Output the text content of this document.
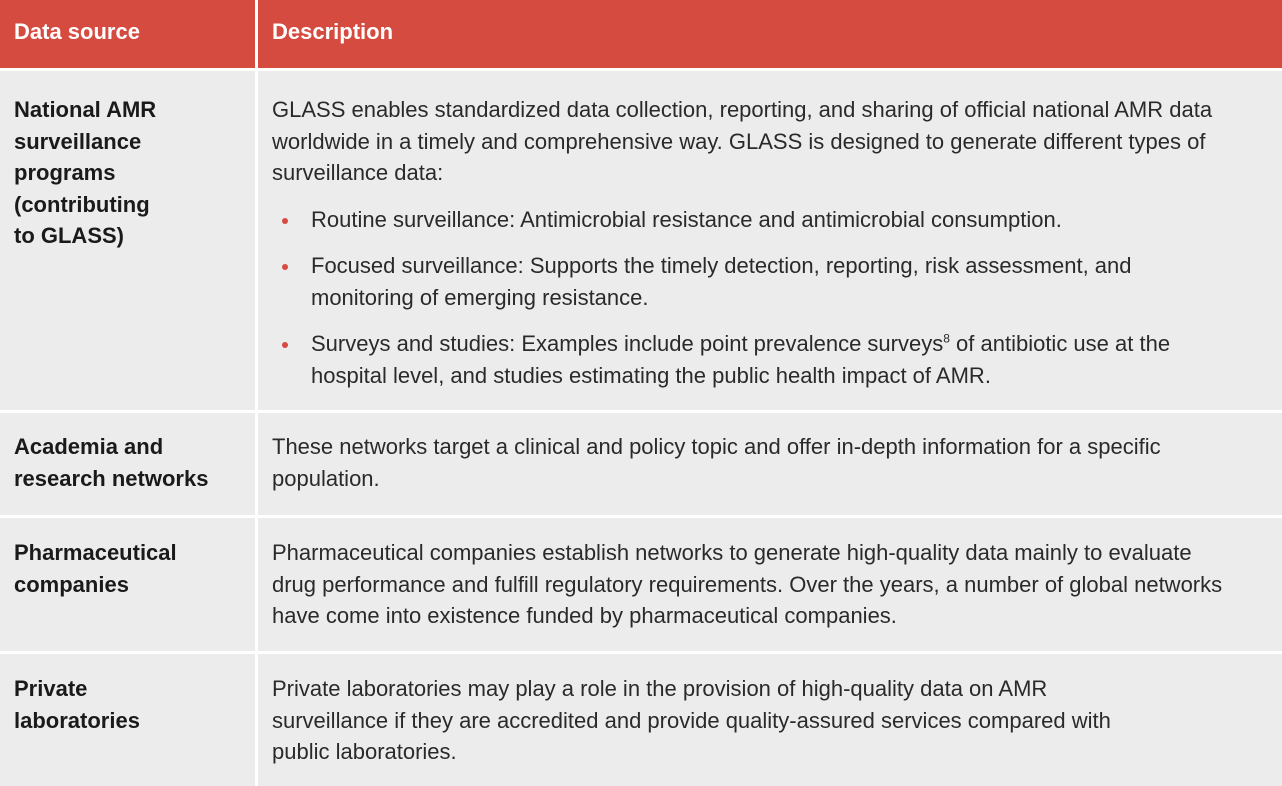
Data source	Description
National AMR
surveillance
programs
(contributing
to GLASS)
GLASS enables standardized data collection, reporting, and sharing of official national AMR data worldwide in a timely and comprehensive way. GLASS is designed to generate different types of surveillance data:
Routine surveillance: Antimicrobial resistance and antimicrobial consumption.
Focused surveillance: Supports the timely detection, reporting, risk assessment, and monitoring of emerging resistance.
Surveys and studies: Examples include point prevalence surveys$^8$ of antibiotic use at the hospital level, and studies estimating the public health impact of AMR.
Academia and
research networks
These networks target a clinical and policy topic and offer in-depth information for a specific population.
Pharmaceutical
companies
Pharmaceutical companies establish networks to generate high-quality data mainly to evaluate drug performance and fulfill regulatory requirements. Over the years, a number of global networks have come into existence funded by pharmaceutical companies.
Private
laboratories
Private laboratories may play a role in the provision of high-quality data on AMR surveillance if they are accredited and provide quality-assured services compared with public laboratories.
